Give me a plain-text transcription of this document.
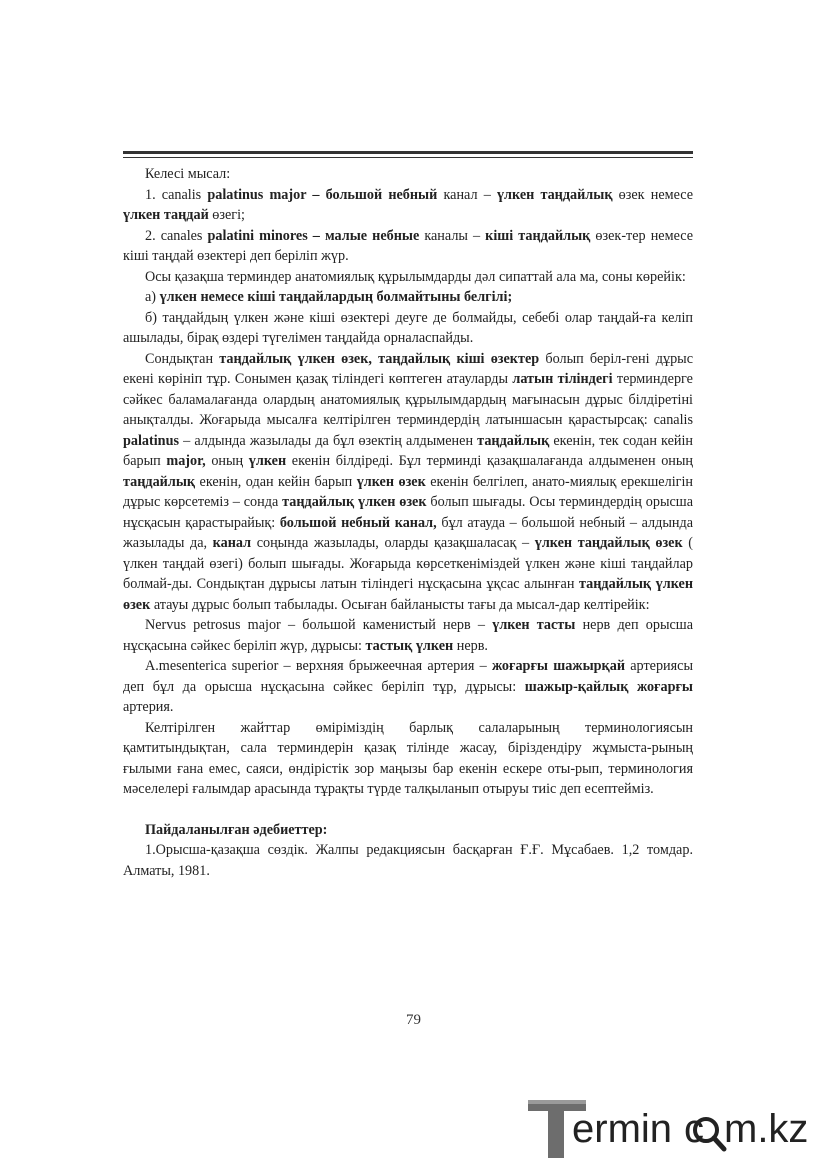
Келесі мысал:

1. canalis palatinus major – большой небный канал – үлкен таңдайлық өзек немесе үлкен таңдай өзегі;

2. canales palatini minores – малые небные каналы – кіші таңдайлық өзек-тер немесе кіші таңдай өзектері деп беріліп жүр.

Осы қазақша терминдер анатомиялық құрылымдарды дәл сипаттай ала ма, соны көрейік:

а) үлкен немесе кіші таңдайлардың болмайтыны белгілі;

б) таңдайдың үлкен және кіші өзектері деуге де болмайды, себебі олар таңдай-ға келіп ашылады, бірақ өздері түгелімен таңдайда орналаспайды.

Сондықтан таңдайлық үлкен өзек, таңдайлық кіші өзектер болып беріл-гені дұрыс екені көрініп тұр. Сонымен қазақ тіліндегі көптеген атауларды латын тіліндегі терминдерге сәйкес баламалағанда олардың анатомиялық құрылымдардың мағынасын дұрыс білдіретіні анықталды. Жоғарыда мысалға келтірілген терминдердің латыншасын қарастырсақ: canalis palatinus – алдында жазылады да бұл өзектің алдыменен таңдайлық екенін, тек содан кейін барып major, оның үлкен екенін білдіреді. Бұл терминді қазақшалағанда алдыменен оның таңдайлық екенін, одан кейін барып үлкен өзек екенін белгілеп, анато-миялық ерекшелігін дұрыс көрсетеміз – сонда таңдайлық үлкен өзек болып шығады. Осы терминдердің орысша нұсқасын қарастырайық: большой небный канал, бұл атауда – большой небный – алдында жазылады да, канал соңында жазылады, оларды қазақшаласақ – үлкен таңдайлық өзек ( үлкен таңдай өзегі) болып шығады. Жоғарыда көрсеткеніміздей үлкен және кіші таңдайлар болмай-ды. Сондықтан дұрысы латын тіліндегі нұсқасына ұқсас алынған таңдайлық үлкен өзек атауы дұрыс болып табылады. Осыған байланысты тағы да мысал-дар келтірейік:

Nervus petrosus major – большой каменистый нерв – үлкен тасты нерв деп орысша нұсқасына сәйкес беріліп жүр, дұрысы: тастық үлкен нерв.

A.mesenterica superior – верхняя брыжеечная артерия – жоғарғы шажырқай артериясы деп бұл да орысша нұсқасына сәйкес беріліп тұр, дұрысы: шажыр-қайлық жоғарғы артерия.

Келтірілген жайттар өміріміздің барлық салаларының терминологиясын қамтитындықтан, сала терминдерін қазақ тілінде жасау, біріздендіру жұмыста-рының ғылыми ғана емес, саяси, өндірістік зор маңызы бар екенін ескере оты-рып, терминология мәселелері ғалымдар арасында тұрақты түрде талқыланып отыруы тиіс деп есептейміз.

Пайдаланылған әдебиеттер:

1.Орысша-қазақша сөздік. Жалпы редакциясын басқарған Ғ.Ғ. Мұсабаев. 1,2 томдар. Алматы, 1981.

79
ermin c m.kz
